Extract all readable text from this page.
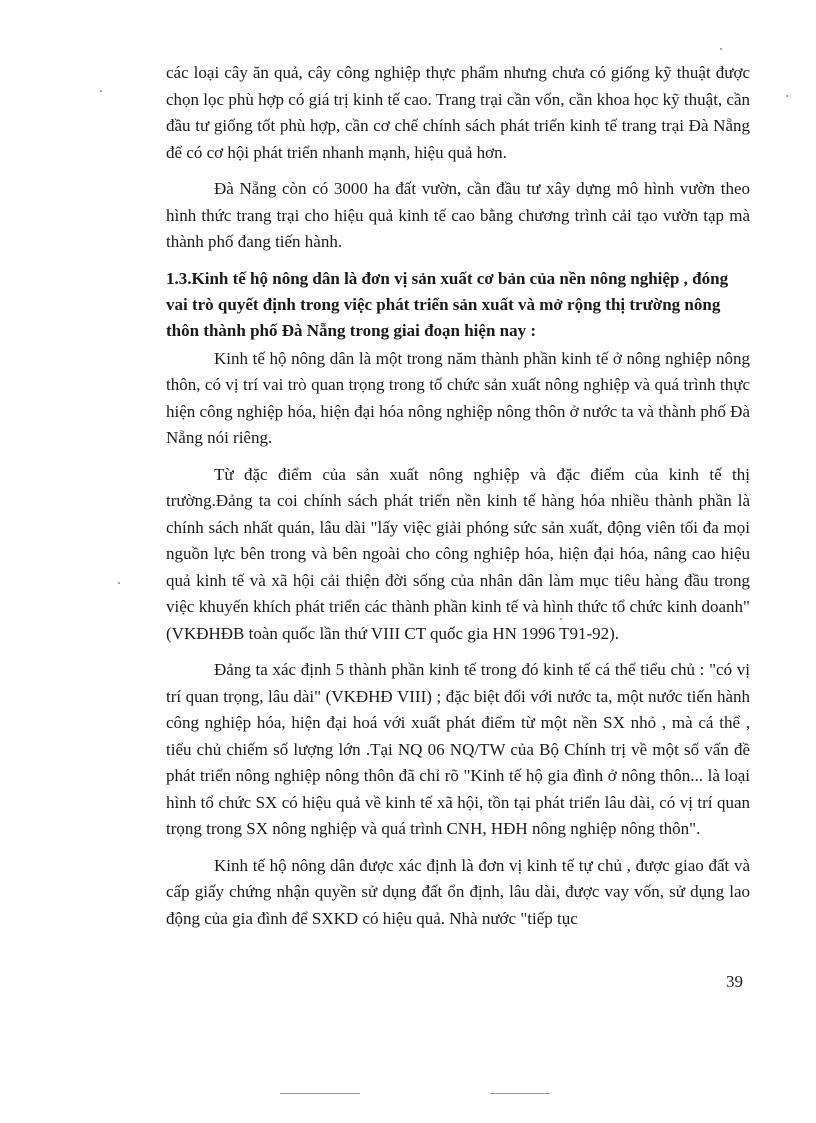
các loại cây ăn quả, cây công nghiệp thực phẩm nhưng chưa có giống kỹ thuật được chọn lọc phù hợp có giá trị kinh tế cao. Trang trại cần vốn, cần khoa học kỹ thuật, cần đầu tư giống tốt phù hợp, cần cơ chế chính sách phát triển kinh tế trang trại Đà Nẵng để có cơ hội phát triển nhanh mạnh, hiệu quả hơn.

Đà Nẵng còn có 3000 ha đất vườn, cần đầu tư xây dựng mô hình vườn theo hình thức trang trại cho hiệu quả kinh tế cao bằng chương trình cải tạo vườn tạp mà thành phố đang tiến hành.

1.3.Kinh tế hộ nông dân là đơn vị sản xuất cơ bản của nền nông nghiệp , đóng vai trò quyết định trong việc phát triển sản xuất và mở rộng thị trường nông thôn thành phố Đà Nẵng trong giai đoạn hiện nay :

Kinh tế hộ nông dân là một trong năm thành phần kinh tế ở nông nghiệp nông thôn, có vị trí vai trò quan trọng trong tổ chức sản xuất nông nghiệp và quá trình thực hiện công nghiệp hóa, hiện đại hóa nông nghiệp nông thôn ở nước ta và thành phố Đà Nẵng nói riêng.

Từ đặc điểm của sản xuất nông nghiệp và đặc điểm của kinh tế thị trường.Đảng ta coi chính sách phát triển nền kinh tế hàng hóa nhiều thành phần là chính sách nhất quán, lâu dài "lấy việc giải phóng sức sản xuất, động viên tối đa mọi nguồn lực bên trong và bên ngoài cho công nghiệp hóa, hiện đại hóa, nâng cao hiệu quả kinh tế và xã hội cải thiện đời sống của nhân dân làm mục tiêu hàng đầu trong việc khuyến khích phát triển các thành phần kinh tế và hình thức tổ chức kinh doanh" (VKĐHĐB toàn quốc lần thứ VIII CT quốc gia HN 1996 T91-92).

Đảng ta xác định 5 thành phần kinh tế trong đó kinh tế cá thể tiểu chủ : "có vị trí quan trọng, lâu dài" (VKĐHĐ VIII) ; đặc biệt đối với nước ta, một nước tiến hành công nghiệp hóa, hiện đại hoá với xuất phát điểm từ một nền SX nhỏ , mà cá thể , tiểu chủ chiếm số lượng lớn .Tại NQ 06 NQ/TW của Bộ Chính trị về một số vấn đề phát triển nông nghiệp nông thôn đã chỉ rõ "Kinh tế hộ gia đình ở nông thôn... là loại hình tổ chức SX có hiệu quả về kinh tế xã hội, tồn tại phát triển lâu dài, có vị trí quan trọng trong SX nông nghiệp và quá trình CNH, HĐH nông nghiệp nông thôn".

Kinh tế hộ nông dân được xác định là đơn vị kinh tế tự chủ , được giao đất và cấp giấy chứng nhận quyền sử dụng đất ổn định, lâu dài, được vay vốn, sử dụng lao động của gia đình để SXKD có hiệu quả. Nhà nước "tiếp tục

39
